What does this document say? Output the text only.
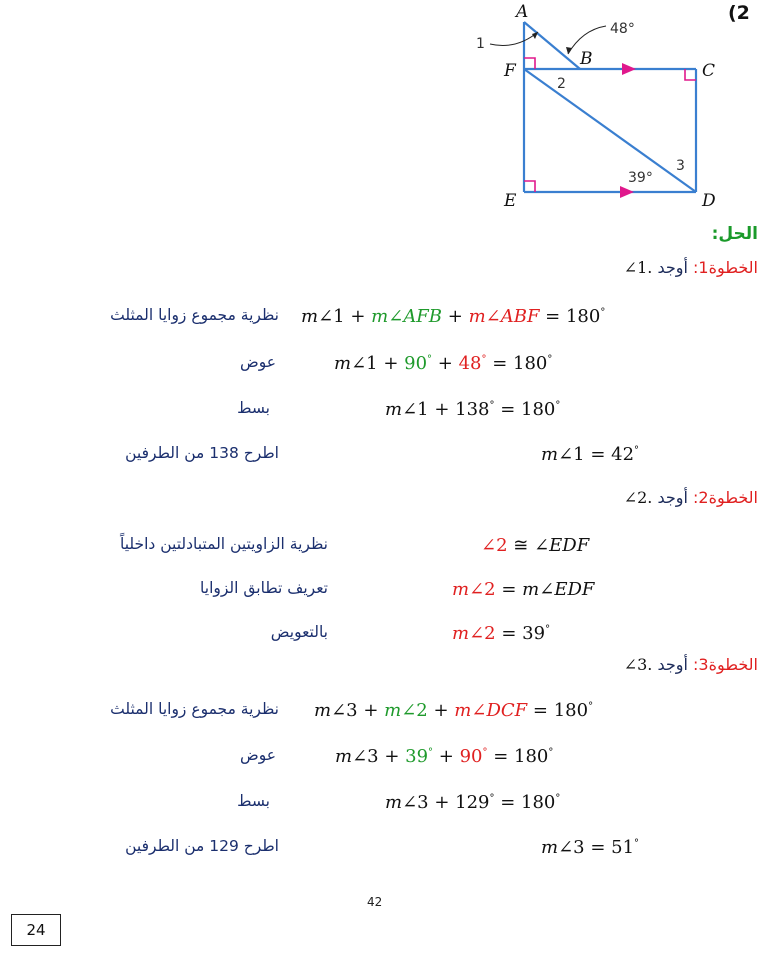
(2
A
B
C
D
E
F
1
2
3
48°
39°
الحل:
الخطوة1: أوجد ∠1.
m∠1 + m∠AFB + m∠ABF = 180°
نظرية مجموع زوايا المثلث
m∠1 + 90° + 48° = 180°
عوض
m∠1 + 138° = 180°
بسط
m∠1 = 42°
اطرح 138 من الطرفين
الخطوة2: أوجد ∠2.
∠2 ≅ ∠EDF
نظرية الزاويتين المتبادلتين داخلياً
m∠2 = m∠EDF
تعريف تطابق الزوايا
m∠2 = 39°
بالتعويض
الخطوة3: أوجد ∠3.
m∠3 + m∠2 + m∠DCF = 180°
نظرية مجموع زوايا المثلث
m∠3 + 39° + 90° = 180°
عوض
m∠3 + 129° = 180°
بسط
m∠3 = 51°
اطرح 129 من الطرفين
42
24
